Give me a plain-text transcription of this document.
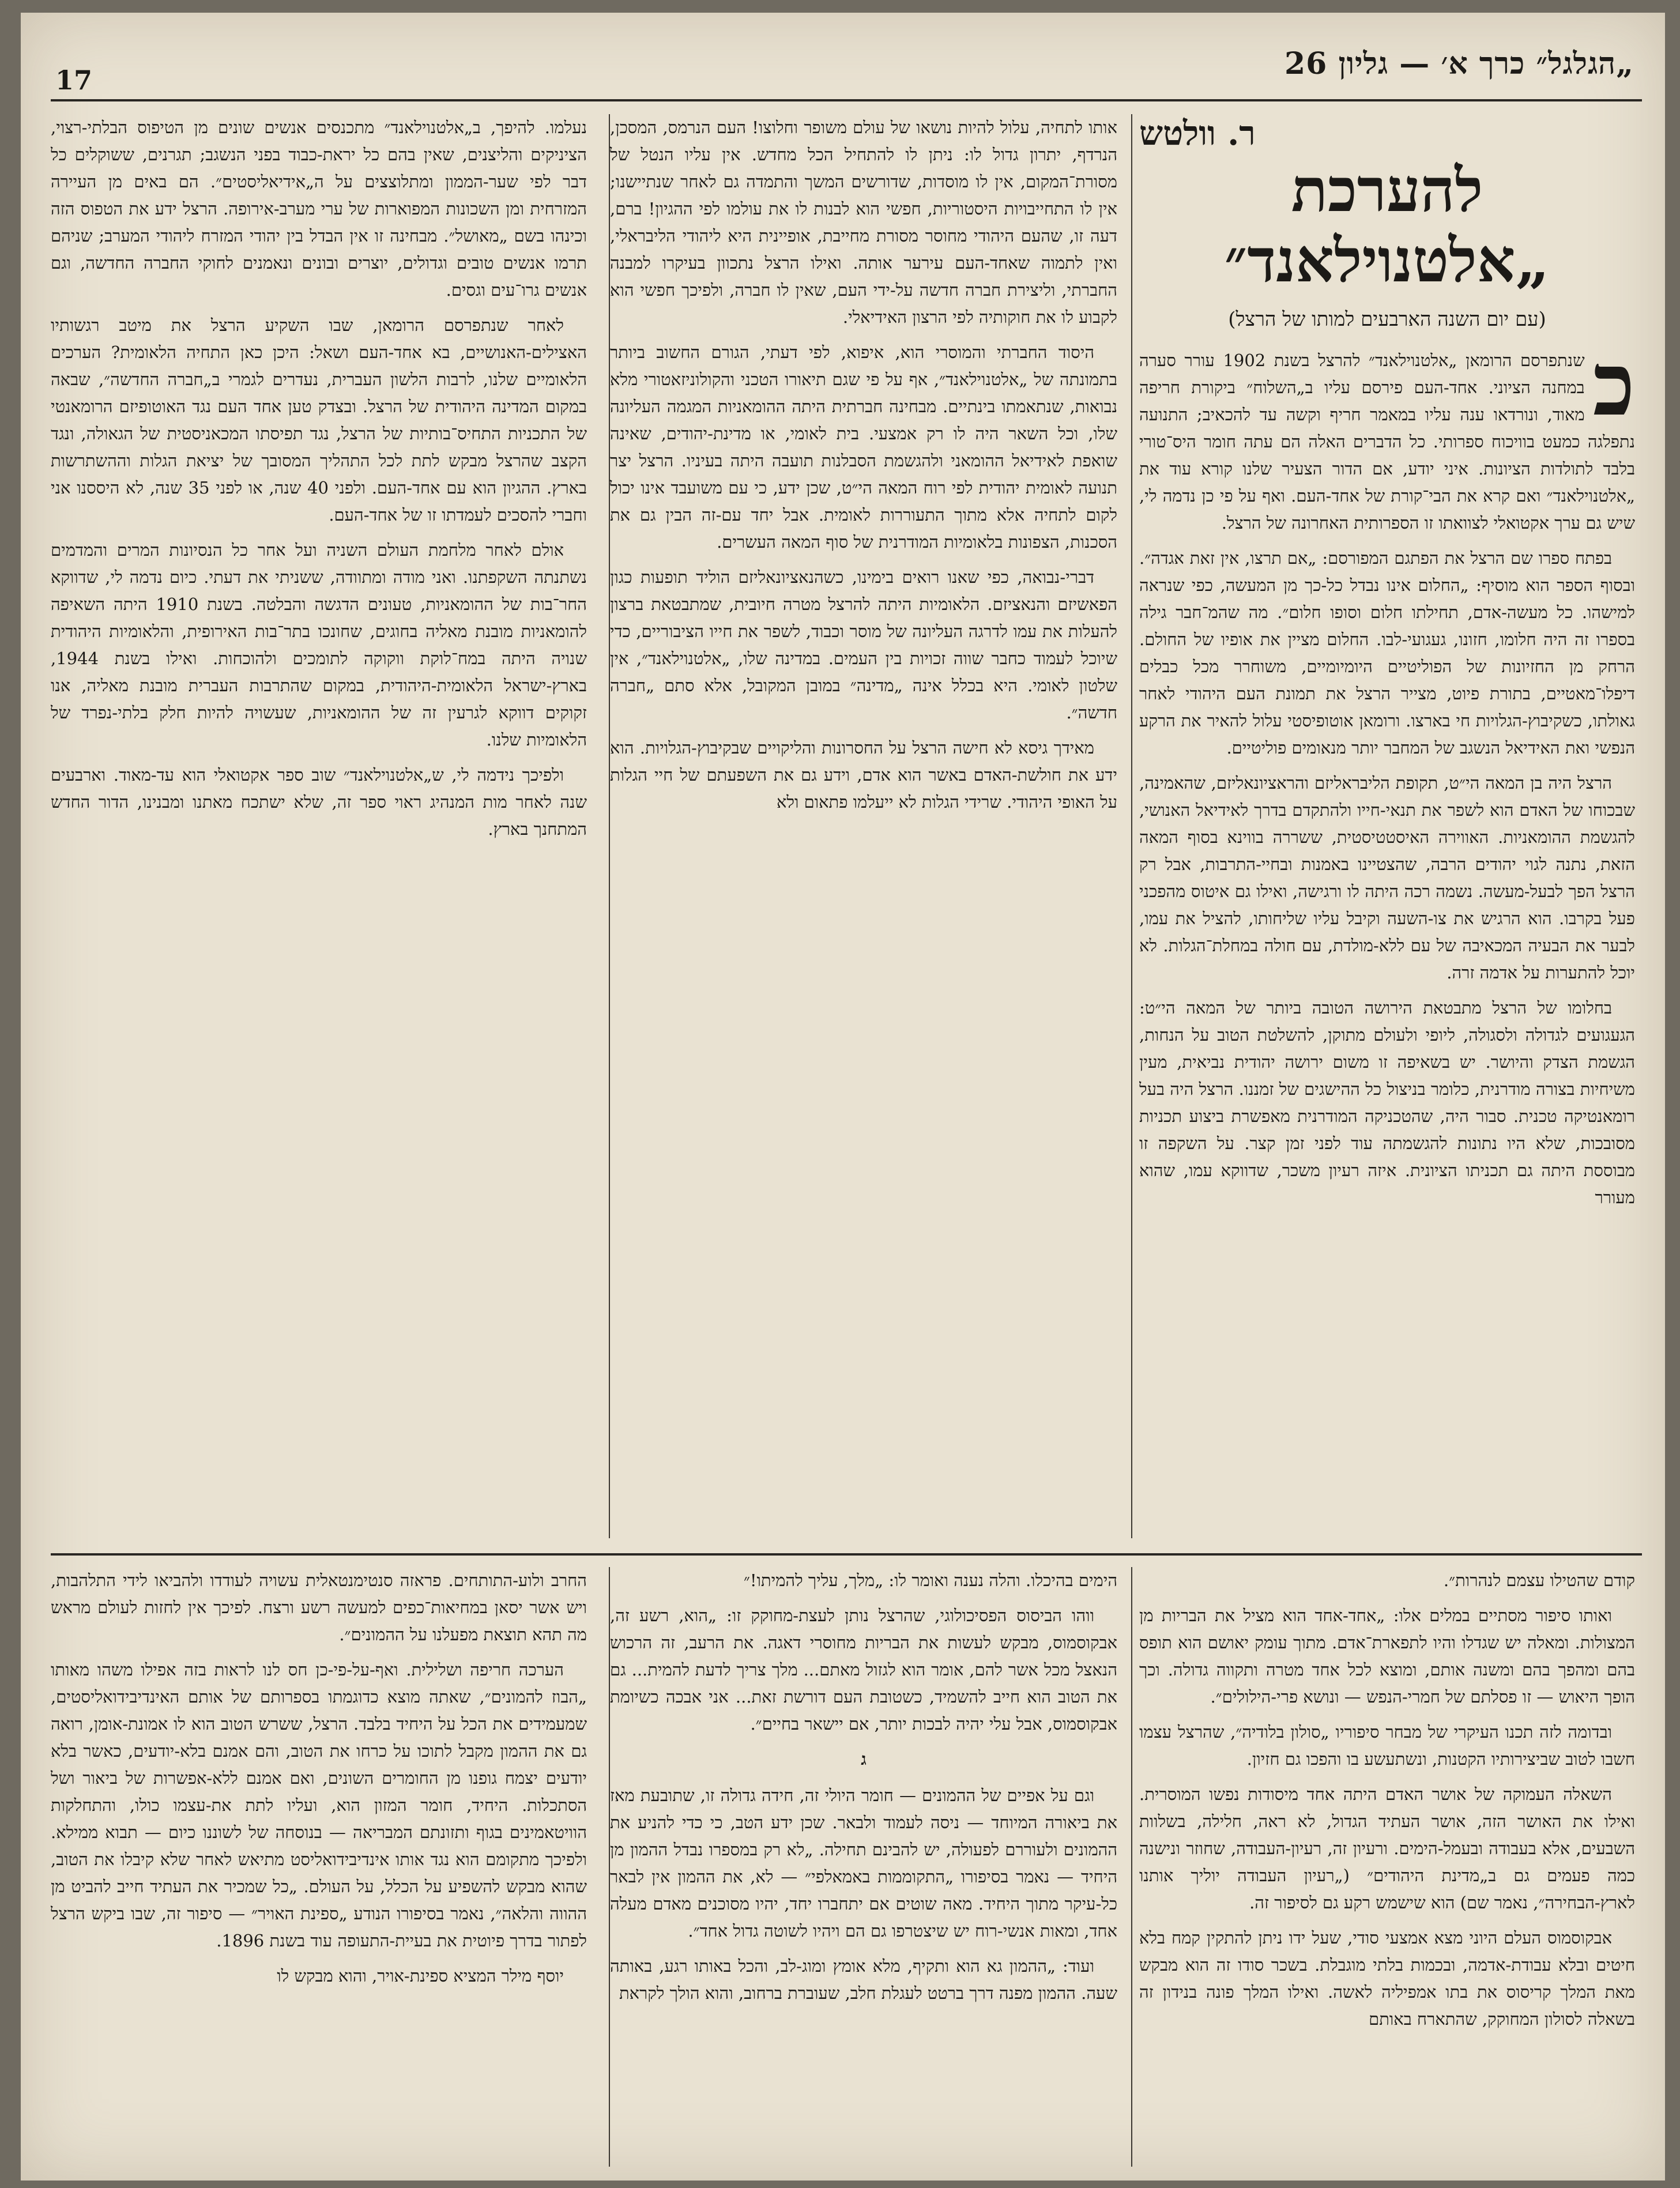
„הגלגל״ כרך א׳ — גליון 26
17
ר. וולטש
להערכת „אלטנוילאנד״
(עם יום השנה הארבעים למותו של הרצל)
כ

שנתפרסם הרומאן „אלטנוילאנד״ להרצל בשנת 1902 עורר סערה במחנה הציוני. אחד-העם פירסם עליו ב„השלוח״ ביקורת חריפה מאוד, ונורדאו ענה עליו במאמר חריף וקשה עד להכאיב; התנועה נתפלגה כמעט בוויכוח ספרותי. כל הדברים האלה הם עתה חומר היס־טורי בלבד לתולדות הציונות. איני יודע, אם הדור הצעיר שלנו קורא עוד את „אלטנוילאנד״ ואם קרא את הבי־קורת של אחד-העם. ואף על פי כן נדמה לי, שיש גם ערך אקטואלי לצוואתו זו הספרותית האחרונה של הרצל.

בפתח ספרו שם הרצל את הפתגם המפורסם: „אם תרצו, אין זאת אגדה״. ובסוף הספר הוא מוסיף: „החלום אינו נבדל כל-כך מן המעשה, כפי שנראה למישהו. כל מעשה-אדם, תחילתו חלום וסופו חלום״. מה שהמ־חבר גילה בספרו זה היה חלומו, חזונו, געגועי-לבו. החלום מציין את אופיו של החולם. הרחק מן החזיונות של הפוליטיים היומיומיים, משוחרר מכל כבלים דיפלו־מאטיים, בתורת פיוט, מצייר הרצל את תמונת העם היהודי לאחר גאולתו, כשקיבוץ-הגלויות חי בארצו. ורומאן אוטופיסטי עלול להאיר את הרקע הנפשי ואת האידיאל הנשגב של המחבר יותר מנאומים פוליטיים.

הרצל היה בן המאה הי״ט, תקופת הליבראליזם והראציונאליזם, שהאמינה, שבכוחו של האדם הוא לשפר את תנאי-חייו ולהתקדם בדרך לאידיאל האנושי, להגשמת ההומאניות. האווירה האיסטטיסטית, ששררה בווינא בסוף המאה הזאת, נתנה לגוי יהודים הרבה, שהצטיינו באמנות ובחיי-התרבות, אבל רק הרצל הפך לבעל-מעשה. נשמה רכה היתה לו ורגישה, ואילו גם איטוס מהפכני פעל בקרבו. הוא הרגיש את צו-השעה וקיבל עליו שליחותו, להציל את עמו, לבער את הבעיה המכאיבה של עם ללא-מולדת, עם חולה במחלת־הגלות. לא יוכל להתערות על אדמה זרה.

בחלומו של הרצל מתבטאת הירושה הטובה ביותר של המאה הי״ט: הגעגועים לגדולה ולסגולה, ליופי ולעולם מתוקן, להשלטת הטוב על הנחות, הגשמת הצדק והיושר. יש בשאיפה זו משום ירושה יהודית נביאית, מעין משיחיות בצורה מודרנית, כלומר בניצול כל ההישגים של זמננו. הרצל היה בעל רומאנטיקה טכנית. סבור היה, שהטכניקה המודרנית מאפשרת ביצוע תכניות מסובכות, שלא היו נתונות להגשמתה עוד לפני זמן קצר. על השקפה זו מבוססת היתה גם תכניתו הציונית. איזה רעיון משכר, שדווקא עמו, שהוא מעורר

אותו לתחיה, עלול להיות נושאו של עולם משופר וחלוצו! העם הנרמס, המסכן, הנרדף, יתרון גדול לו: ניתן לו להתחיל הכל מחדש. אין עליו הנטל של מסורת־המקום, אין לו מוסדות, שדורשים המשך והתמדה גם לאחר שנתיישנו; אין לו התחייבויות היסטוריות, חפשי הוא לבנות לו את עולמו לפי ההגיון! ברם, דעה זו, שהעם היהודי מחוסר מסורת מחייבת, אופיינית היא ליהודי הליבראלי, ואין לתמוה שאחד-העם עירער אותה. ואילו הרצל נתכוון בעיקרו למבנה החברתי, וליצירת חברה חדשה על-ידי העם, שאין לו חברה, ולפיכך חפשי הוא לקבוע לו את חוקותיה לפי הרצון האידיאלי.

היסוד החברתי והמוסרי הוא, איפוא, לפי דעתי, הגורם החשוב ביותר בתמונתה של „אלטנוילאנד״, אף על פי שגם תיאורו הטכני והקולוניזאטורי מלא נבואות, שנתאמתו בינתיים. מבחינה חברתית היתה ההומאניות המגמה העליונה שלו, וכל השאר היה לו רק אמצעי. בית לאומי, או מדינת-יהודים, שאינה שואפת לאידיאל ההומאני ולהגשמת הסבלנות תועבה היתה בעיניו. הרצל יצר תנועה לאומית יהודית לפי רוח המאה הי״ט, שכן ידע, כי עם משועבד אינו יכול לקום לתחיה אלא מתוך התעוררות לאומית. אבל יחד עם-זה הבין גם את הסכנות, הצפונות בלאומיות המודרנית של סוף המאה העשרים.

דברי-נבואה, כפי שאנו רואים בימינו, כשהנאציונאליזם הוליד תופעות כגון הפאשיזם והנאציזם. הלאומיות היתה להרצל מטרה חיובית, שמתבטאת ברצון להעלות את עמו לדרגה העליונה של מוסר וכבוד, לשפר את חייו הציבוריים, כדי שיוכל לעמוד כחבר שווה זכויות בין העמים. במדינה שלו, „אלטנוילאנד״, אין שלטון לאומי. היא בכלל אינה „מדינה״ במובן המקובל, אלא סתם „חברה חדשה״.

מאידך גיסא לא חישה הרצל על החסרונות והליקויים שבקיבוץ-הגלויות. הוא ידע את חולשת-האדם באשר הוא אדם, וידע גם את השפעתם של חיי הגלות על האופי היהודי. שרידי הגלות לא ייעלמו פתאום ולא

נעלמו. להיפך, ב„אלטנוילאנד״ מתכנסים אנשים שונים מן הטיפוס הבלתי-רצוי, הציניקים והליצנים, שאין בהם כל יראת-כבוד בפני הנשגב; תגרנים, ששוקלים כל דבר לפי שער-הממון ומתלוצצים על ה„אידיאליסטים״. הם באים מן העיירה המזרחית ומן השכונות המפוארות של ערי מערב-אירופה. הרצל ידע את הטפוס הזה וכינהו בשם „מאושל״. מבחינה זו אין הבדל בין יהודי המזרח ליהודי המערב; שניהם תרמו אנשים טובים וגדולים, יוצרים ובונים ונאמנים לחוקי החברה החדשה, וגם אנשים גרו־עים וגסים.

לאחר שנתפרסם הרומאן, שבו השקיע הרצל את מיטב רגשותיו האצילים-האנושיים, בא אחד-העם ושאל: היכן כאן התחיה הלאומית? הערכים הלאומיים שלנו, לרבות הלשון העברית, נעדרים לגמרי ב„חברה החדשה״, שבאה במקום המדינה היהודית של הרצל. ובצדק טען אחד העם נגד האוטופיזם הרומאנטי של התכניות התחיס־בותיות של הרצל, נגד תפיסתו המכאניסטית של הגאולה, ונגד הקצב שהרצל מבקש לתת לכל התהליך המסובך של יציאת הגלות וההשתרשות בארץ. ההגיון הוא עם אחד-העם. ולפני 40 שנה, או לפני 35 שנה, לא היססנו אני וחברי להסכים לעמדתו זו של אחד-העם.

אולם לאחר מלחמת העולם השניה ועל אחר כל הנסיונות המרים והמדמים נשתנתה השקפתנו. ואני מודה ומתוודה, ששניתי את דעתי. כיום נדמה לי, שדווקא החר־בות של ההומאניות, טעונים הדגשה והבלטה. בשנת 1910 היתה השאיפה להומאניות מובנת מאליה בחוגים, שחונכו בתר־בות האירופית, והלאומיות היהודית שנויה היתה במח־לוקת ווקוקה לתומכים ולהוכחות. ואילו בשנת 1944, בארץ-ישראל הלאומית-היהודית, במקום שהתרבות העברית מובנת מאליה, אנו זקוקים דווקא לגרעין זה של ההומאניות, שעשויה להיות חלק בלתי-נפרד של הלאומיות שלנו.

ולפיכך נידמה לי, ש„אלטנוילאנד״ שוב ספר אקטואלי הוא עד-מאוד. וארבעים שנה לאחר מות המנהיג ראוי ספר זה, שלא ישתכח מאתנו ומבנינו, הדור החדש המתחנך בארץ.

קודם שהטילו עצמם לנהרות״.

ואותו סיפור מסתיים במלים אלו: „אחד-אחד הוא מציל את הבריות מן המצולות. ומאלה יש שגדלו והיו לתפארת־אדם. מתוך עומק יאושם הוא תופס בהם ומהפך בהם ומשנה אותם, ומוצא לכל אחד מטרה ותקווה גדולה. וכך הופך היאוש — זו פסלתם של חמרי-הנפש — ונושא פרי-הילולים״.

ובדומה לזה תכנו העיקרי של מבחר סיפוריו „סולון בלודיה״, שהרצל עצמו חשבו לטוב שביצירותיו הקטנות, ונשתעשע בו והפכו גם חזיון.

השאלה העמוקה של אושר האדם היתה אחד מיסודות נפשו המוסרית. ואילו את האושר הזה, אושר העתיד הגדול, לא ראה, חלילה, בשלוות השבעים, אלא בעבודה ובעמל-הימים. ורעיון זה, רעיון-העבודה, שחוזר ונישנה כמה פעמים גם ב„מדינת היהודים״ („רעיון העבודה יוליך אותנו לארץ-הבחירה״, נאמר שם) הוא שישמש רקע גם לסיפור זה.

אבקוסמוס העלם היוני מצא אמצעי סודי, שעל ידו ניתן להתקין קמח בלא חיטים ובלא עבודת-אדמה, ובכמות בלתי מוגבלת. בשכר סודו זה הוא מבקש מאת המלך קריסוס את בתו אמפיליה לאשה. ואילו המלך פונה בנידון זה בשאלה לסולון המחוקק, שהתארח באותם

הימים בהיכלו. והלה נענה ואומר לו: „מלך, עליך להמיתו!״

ווהו הביסוס הפסיכולוגי, שהרצל נותן לעצת-מחוקק זו: „הוא, רשע זה, אבקוסמוס, מבקש לעשות את הבריות מחוסרי דאגה. את הרעב, זה הרכוש הנאצל מכל אשר להם, אומר הוא לגזול מאתם... מלך צריך לדעת להמית... גם את הטוב הוא חייב להשמיד, כשטובת העם דורשת זאת... אני אבכה כשיומת אבקוסמוס, אבל עלי יהיה לבכות יותר, אם יישאר בחיים״.

ג

וגם על אפיים של ההמונים — חומר היולי זה, חידה גדולה זו, שתובעת מאז את ביאורה המיוחד — ניסה לעמוד ולבאר. שכן ידע הטב, כי כדי להניע את ההמונים ולעוררם לפעולה, יש להבינם תחילה. „לא רק במספרו נבדל ההמון מן היחיד — נאמר בסיפורו „התקוממות באמאלפי״ — לא, את ההמון אין לבאר כל-עיקר מתוך היחיד. מאה שוטים אם יתחברו יחד, יהיו מסוכנים מאדם מעלה אחד, ומאות אנשי-רוח יש שיצטרפו גם הם ויהיו לשוטה גדול אחד״.

ועוד: „ההמון גא הוא ותקיף, מלא אומץ ומוג-לב, והכל באותו רגע, באותה שעה. ההמון מפנה דרך ברטט לעגלת חלב, שעוברת ברחוב, והוא הולך לקראת

החרב ולוע-התותחים. פראזה סנטימנטאלית עשויה לעודדו ולהביאו לידי התלהבות, ויש אשר יסאן במחיאות־כפים למעשה רשע ורצח. לפיכך אין לחזות לעולם מראש מה תהא תוצאת מפעלנו על ההמונים״.

הערכה חריפה ושלילית. ואף-על-פי-כן חס לנו לראות בזה אפילו משהו מאותו „הבוז להמונים״, שאתה מוצא כדוגמתו בספרותם של אותם האינדיבידואליסטים, שמעמידים את הכל על היחיד בלבד. הרצל, ששרש הטוב הוא לו אמונת-אומן, רואה גם את ההמון מקבל לתוכו על כרחו את הטוב, והם אמנם בלא-יודעים, כאשר בלא יודעים יצמח גופנו מן החומרים השונים, ואם אמנם ללא-אפשרות של ביאור ושל הסתכלות. היחיד, חומר המזון הוא, ועליו לתת את-עצמו כולו, והתחלקות הוויטאמינים בגוף ותזונתם המבריאה — בנוסחה של לשוננו כיום — תבוא ממילא. ולפיכך מתקומם הוא נגד אותו אינדיבידואליסט מתיאש לאחר שלא קיבלו את הטוב, שהוא מבקש להשפיע על הכלל, על העולם. „כל שמכיר את העתיד חייב להביט מן ההווה והלאה״, נאמר בסיפורו הנודע „ספינת האויר״ — סיפור זה, שבו ביקש הרצל לפתור בדרך פיוטית את בעיית-התעופה עוד בשנת 1896.

יוסף מילר המציא ספינת-אויר, והוא מבקש לו
